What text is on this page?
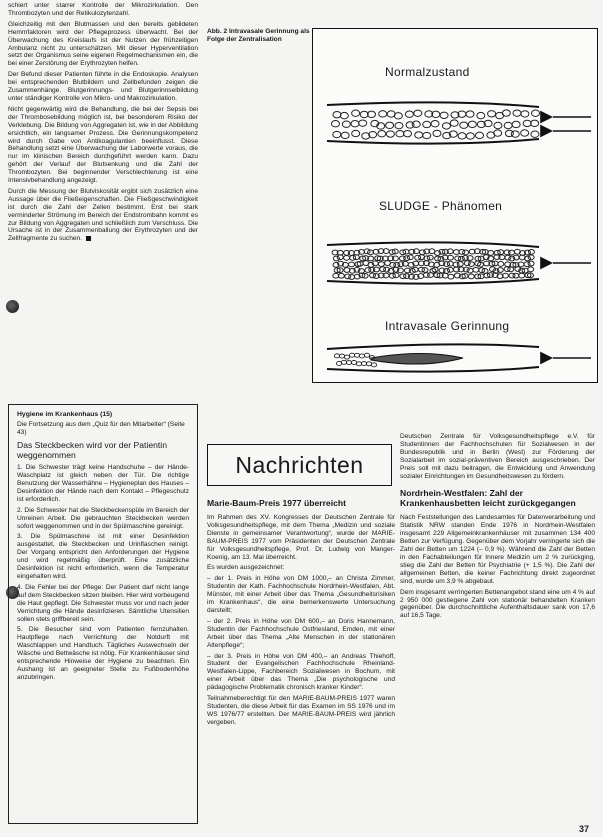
schiert unter starrer Kontrolle der Mikrozirkulation. Den Thrombozyten und der Retikulozytenzahl.

Gleichzeitig mit den Blutmassen und den bereits gebildeten Hemmfaktoren wird der Pflegeprozess überwacht. Bei der Überwachung des Kreislaufs ist der Nutzen der frühzeitigen Ambulanz nicht zu unterschätzen. Mit dieser Hyperventilation setzt der Organismus seine eigenen Regelmechanismen ein, die bei einer Zerstörung der Erythrozyten helfen.

Der Befund dieser Patienten führte in die Endoskopie. Analysen bei entsprechenden Blutbildern und Zellbefunden zeigen die Zusammenhänge. Blutgerinnungs- und Blutgerinnselbildung unter ständiger Kontrolle von Mikro- und Makrozirkulation.

Nicht gegenwärtig wird die Behandlung, die bei der Sepsis bei der Thrombosebildung möglich ist, bei besonderem Risiko der Verklebung. Die Bildung von Aggregaten ist, wie in der Abbildung ersichtlich, ein langsamer Prozess. Die Gerinnungskompetenz wird durch Gabe von Antikoagulantien beeinflusst. Diese Behandlung setzt eine Überwachung der Laborwerte voraus, die nur im klinischen Bereich durchgeführt werden kann. Dazu gehört der Verlauf der Blutsenkung und die Zahl der Thrombozyten. Bei beginnender Verschlechterung ist eine Intensivbehandlung angezeigt.

Durch die Messung der Blutviskosität ergibt sich zusätzlich eine Aussage über die Fließeigenschaften. Die Fließgeschwindigkeit ist durch die Zahl der Zellen bestimmt. Erst bei stark verminderter Strömung im Bereich der Endstrombahn kommt es zur Bildung von Aggregaten und schließlich zum Verschluss. Die Ursache ist in der Zusammenballung der Erythrozyten und der Zellfragmente zu suchen.

Abb. 2 Intravasale Gerinnung als Folge der Zentralisation
Normalzustand
SLUDGE - Phänomen
Intravasale Gerinnung
Hygiene im Krankenhaus (15)
Die Fortsetzung aus dem „Quiz für den Mitarbeiter“ (Seite 43)
Das Steckbecken wird vor der Patientin weggenommen

1. Die Schwester trägt keine Handschuhe – der Hände-Waschplatz ist gleich neben der Tür. Die richtige Benutzung der Wasserhähne – Hygieneplan des Hauses – Desinfektion der Hände nach dem Kontakt – Pflegeschutz ist erforderlich.

2. Die Schwester hat die Steckbeckenspüle im Bereich der Unreinen Arbeit. Die gebrauchten Steckbecken werden sofort weggenommen und in der Spülmaschine gereinigt.

3. Die Spülmaschine ist mit einer Desinfektion ausgestattet, die Steckbecken und Urinflaschen reinigt. Der Vorgang entspricht den Anforderungen der Hygiene und wird regelmäßig überprüft. Eine zusätzliche Desinfektion ist nicht erforderlich, wenn die Temperatur eingehalten wird.

4. Die Fehler bei der Pflege: Der Patient darf nicht lange auf dem Steckbecken sitzen bleiben. Hier wird vorbeugend die Haut gepflegt. Die Schwester muss vor und nach jeder Verrichtung die Hände desinfizieren. Sämtliche Utensilien sollen stets griffbereit sein.

5. Die Besucher sind vom Patienten fernzuhalten. Hautpflege nach Verrichtung der Notdurft mit Waschlappen und Handtuch. Tägliches Auswechseln der Wäsche und Bettwäsche ist nötig. Für Krankenhäuser sind entsprechende Hinweise der Hygiene zu beachten. Ein Aushang ist an geeigneter Stelle zu Fußbodenhöhe anzubringen.

Nachrichten
Marie-Baum-Preis 1977 überreicht

Im Rahmen des XV. Kongresses der Deutschen Zentrale für Volksgesundheitspflege, mit dem Thema „Medizin und soziale Dienste in gemeinsamer Verantwortung“, wurde der MARIE-BAUM-PREIS 1977 vom Präsidenten der Deutschen Zentrale für Volksgesundheitspflege, Prof. Dr. Ludwig von Manger-Koenig, am 13. Mai überreicht.

Es wurden ausgezeichnet:

– der 1. Preis in Höhe von DM 1000,– an Christa Zimmer, Studentin der Kath. Fachhochschule Nordrhein-Westfalen, Abt. Münster, mit einer Arbeit über das Thema „Gesundheitsrisiken im Krankenhaus“, die eine bemerkenswerte Untersuchung darstellt;

– der 2. Preis in Höhe von DM 600,– an Doris Hannemann, Studentin der Fachhochschule Ostfriesland, Emden, mit einer Arbeit über das Thema „Alte Menschen in der stationären Altenpflege“;

– der 3. Preis in Höhe von DM 400,– an Andreas Thiehoff, Student der Evangelischen Fachhochschule Rheinland-Westfalen-Lippe, Fachbereich Sozialwesen in Bochum, mit einer Arbeit über das Thema „Die psychologische und pädagogische Problematik chronisch kranker Kinder“.

Teilnahmeberechtigt für den MARIE-BAUM-PREIS 1977 waren Studenten, die diese Arbeit für das Examen im SS 1976 und im WS 1976/77 erstellten. Der MARIE-BAUM-PREIS wird jährlich vergeben.

Deutschen Zentrale für Volksgesundheitspflege e.V. für Studentinnen der Fachhochschulen für Sozialwesen in der Bundesrepublik und in Berlin (West) zur Förderung der Sozialarbeit im sozial-präventiven Bereich ausgeschrieben. Der Preis soll mit dazu beitragen, die Entwicklung und Anwendung sozialer Einrichtungen im Gesundheitswesen zu fördern.

Nordrhein-Westfalen: Zahl der Krankenhausbetten leicht zurückgegangen

Nach Feststellungen des Landesamtes für Datenverarbeitung und Statistik NRW standen Ende 1976 in Nordrhein-Westfalen insgesamt 229 Allgemeinkrankenhäuser mit zusammen 134 400 Betten zur Verfügung. Gegenüber dem Vorjahr verringerte sich die Zahl der Betten um 1224 (– 0,9 %). Während die Zahl der Betten in den Fachabteilungen für Innere Medizin um 2 % zurückging, stieg die Zahl der Betten für Psychiatrie (+ 1,5 %). Die Zahl der allgemeinen Betten, die keiner Fachrichtung direkt zugeordnet sind, wurde um 3,9 % abgebaut.

Dem insgesamt verringerten Bettenangebot stand eine um 4 % auf 2 950 000 gestiegene Zahl von stationär behandelten Kranken gegenüber. Die durchschnittliche Aufenthaltsdauer sank von 17,6 auf 16,5 Tage.

37
